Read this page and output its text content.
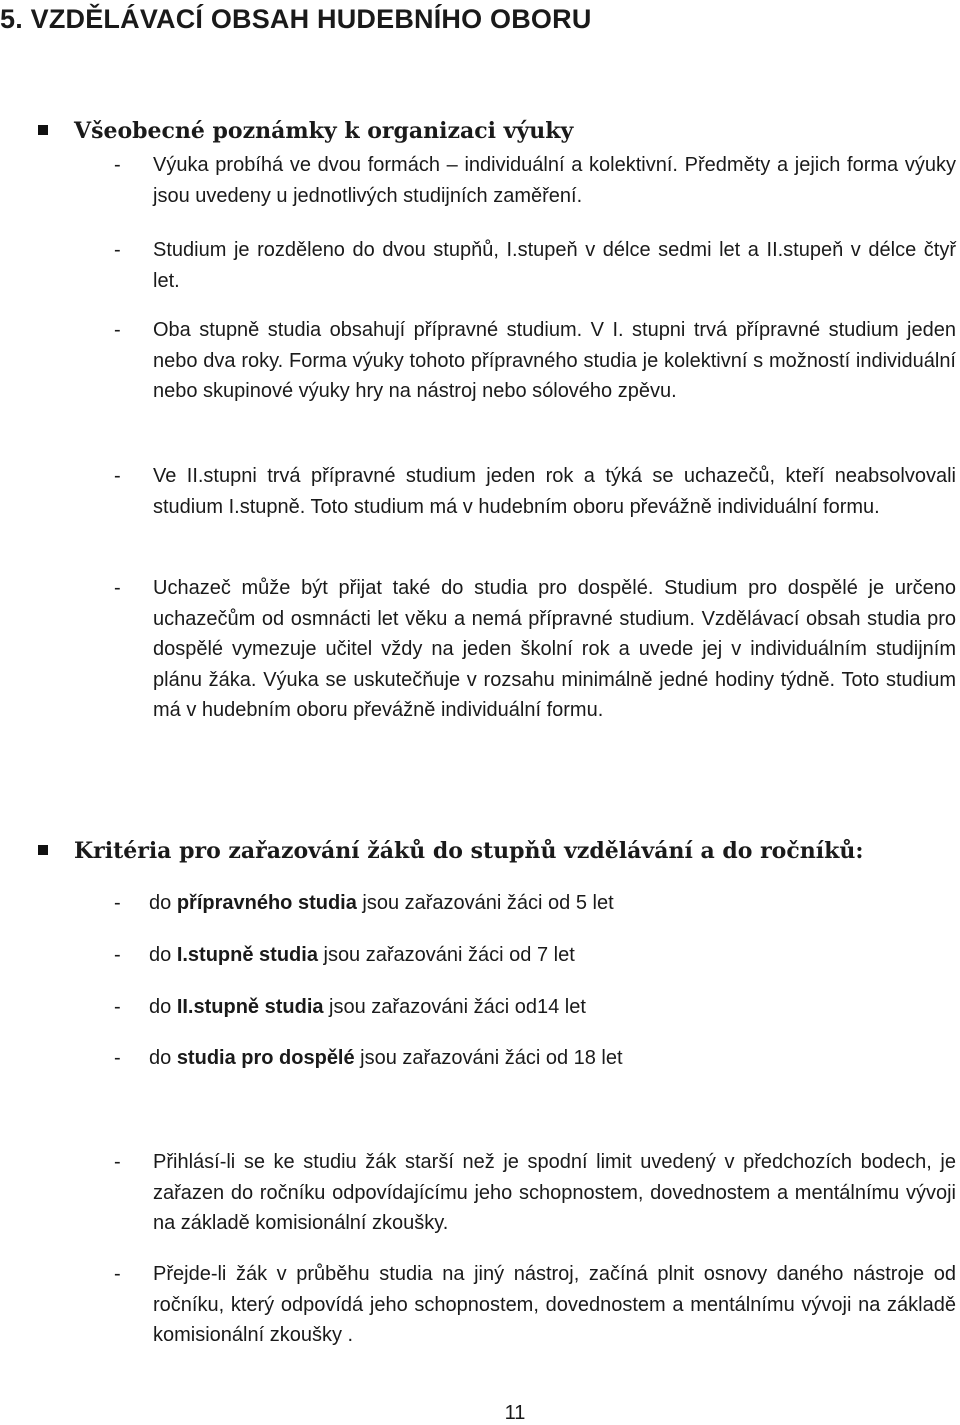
5. VZDĚLÁVACÍ OBSAH HUDEBNÍHO OBORU
Všeobecné poznámky k organizaci výuky
- Výuka probíhá ve dvou formách – individuální a kolektivní. Předměty a jejich forma výuky jsou uvedeny u jednotlivých studijních zaměření.
- Studium je rozděleno do dvou stupňů, I.stupeň v délce sedmi let a II.stupeň v délce čtyř let.
- Oba stupně studia obsahují přípravné studium. V I. stupni trvá přípravné studium jeden nebo dva roky. Forma výuky tohoto přípravného studia je kolektivní s možností individuální nebo skupinové výuky hry na nástroj nebo sólového zpěvu.
- Ve II.stupni trvá přípravné studium jeden rok a týká se uchazečů, kteří neabsolvovali studium I.stupně. Toto studium má v hudebním oboru převážně individuální formu.
- Uchazeč může být přijat také do studia pro dospělé. Studium pro dospělé je určeno uchazečům od osmnácti let věku a nemá přípravné studium. Vzdělávací obsah studia pro dospělé vymezuje učitel vždy na jeden školní rok a uvede jej v individuálním studijním plánu žáka. Výuka se uskutečňuje v rozsahu minimálně jedné hodiny týdně. Toto studium má v hudebním oboru převážně individuální formu.
Kritéria pro zařazování žáků do stupňů vzdělávání a do ročníků:
- do přípravného studia jsou zařazováni žáci od 5 let
- do I.stupně studia jsou zařazováni žáci od 7 let
- do II.stupně studia jsou zařazováni žáci od14 let
- do studia pro dospělé jsou zařazováni žáci od 18 let
- Přihlásí-li se ke studiu žák starší než je spodní limit uvedený v předchozích bodech, je zařazen do ročníku odpovídajícímu jeho schopnostem, dovednostem a mentálnímu vývoji na základě komisionální zkoušky.
- Přejde-li žák v průběhu studia na jiný nástroj, začíná plnit osnovy daného nástroje od ročníku, který odpovídá jeho schopnostem, dovednostem a mentálnímu vývoji na základě komisionální zkoušky .
11
